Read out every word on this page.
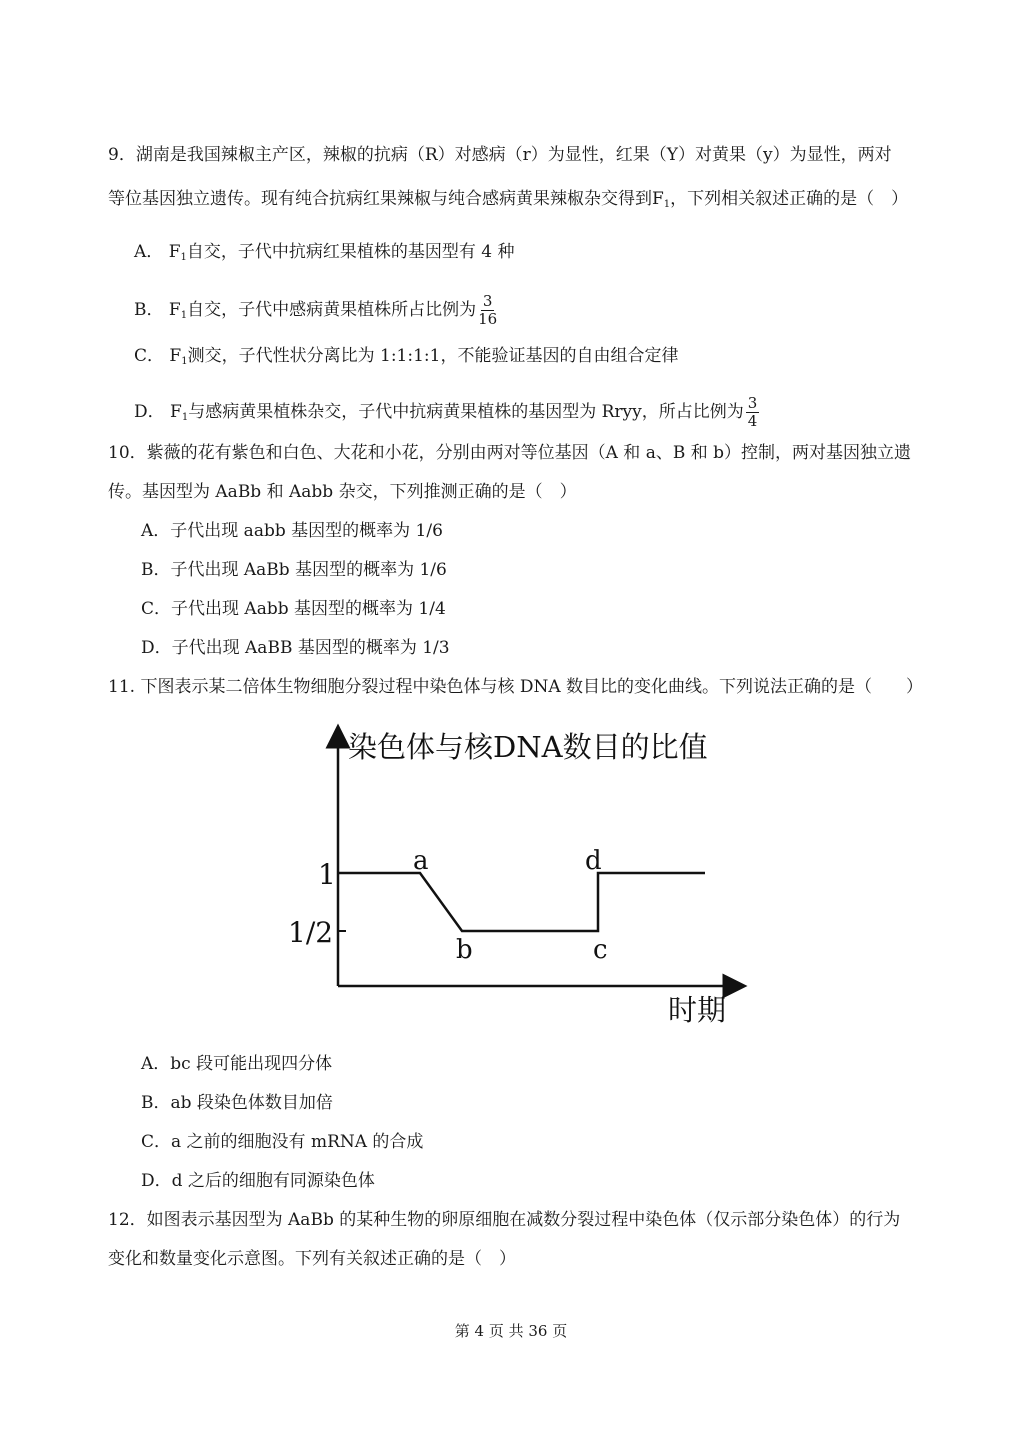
9．湖南是我国辣椒主产区，辣椒的抗病（R）对感病（r）为显性，红果（Y）对黄果（y）为显性，两对
等位基因独立遗传。现有纯合抗病红果辣椒与纯合感病黄果辣椒杂交得到$F_1$，下列相关叙述正确的是（　）
A． $F_1$自交，子代中抗病红果植株的基因型有 4 种
B． $F_1$自交，子代中感病黄果植株所占比例为 $\frac{3}{16}$
C． $F_1$测交，子代性状分离比为 1:1:1:1，不能验证基因的自由组合定律
D． $F_1$与感病黄果植株杂交，子代中抗病黄果植株的基因型为 Rryy，所占比例为 $\frac{3}{4}$
10．紫薇的花有紫色和白色、大花和小花，分别由两对等位基因（A 和 a、B 和 b）控制，两对基因独立遗
传。基因型为 AaBb 和 Aabb 杂交，下列推测正确的是（　）
A．子代出现 aabb 基因型的概率为 1/6
B．子代出现 AaBb 基因型的概率为 1/6
C．子代出现 Aabb 基因型的概率为 1/4
D．子代出现 AaBB 基因型的概率为 1/3
11. 下图表示某二倍体生物细胞分裂过程中染色体与核 DNA 数目比的变化曲线。下列说法正确的是（　　）
染色体与核DNA数目的比值
时期
1
1/2
a
b	c
d
A．bc 段可能出现四分体
B．ab 段染色体数目加倍
C．a 之前的细胞没有 mRNA 的合成
D．d 之后的细胞有同源染色体
12．如图表示基因型为 AaBb 的某种生物的卵原细胞在减数分裂过程中染色体（仅示部分染色体）的行为
变化和数量变化示意图。下列有关叙述正确的是（　）
第 4 页 共 36 页
